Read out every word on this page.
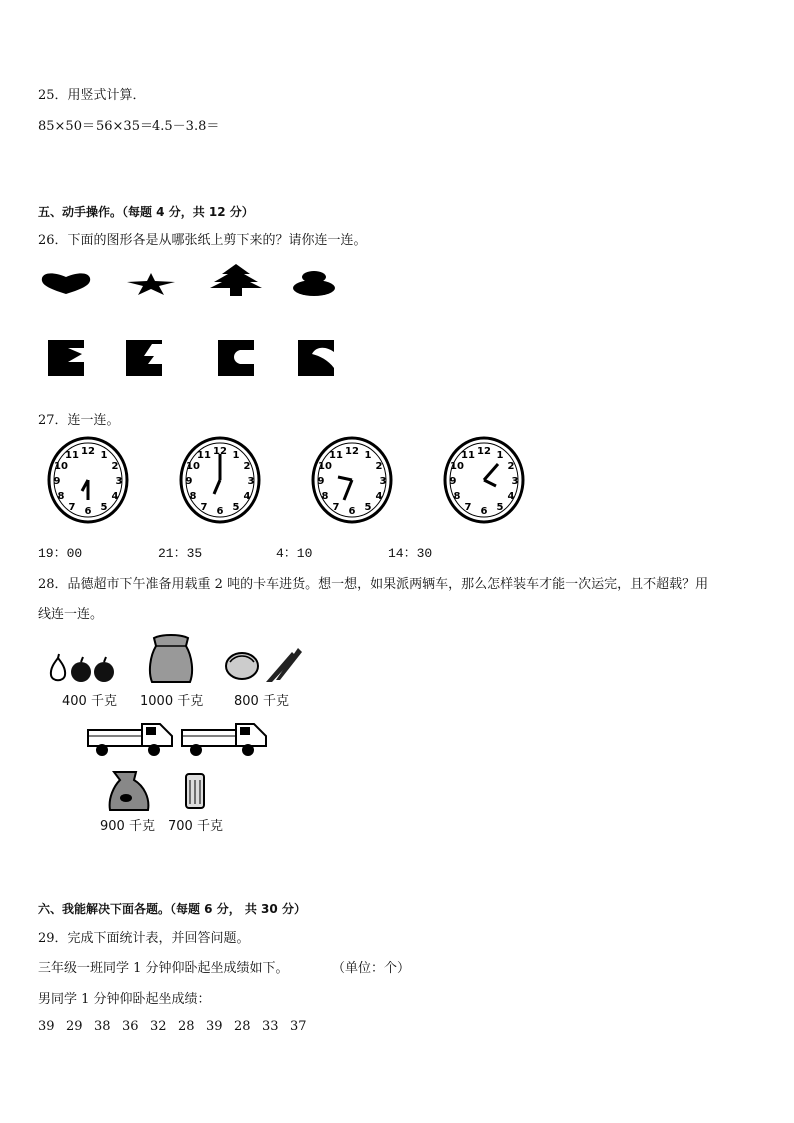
25．用竖式计算．
85×50＝ 56×35＝ 4.5－3.8＝
五、动手操作。（每题 4 分，共 12 分）
26．下面的图形各是从哪张纸上剪下来的？请你连一连。
27．连一连。
12 1
2
3
4
5
6
7
8
9
10
11	12 1
2
3
4
5
6
7
8
9
10
11	12 1
2
3
4
5
6
7
8
9
10
11	12 1
2
3
4
5
6
7
8
9
10
11
19：00	21：35	4：10	14：30
28．品德超市下午准备用载重 2 吨的卡车进货。想一想，如果派两辆车，那么怎样装车才能一次运完，且不超载？用
线连一连。
400 千克 1000 千克 800 千克
900 千克 700 千克
六、我能解决下面各题。（每题 6 分， 共 30 分）
29．完成下面统计表，并回答问题。
三年级一班同学 1 分钟仰卧起坐成绩如下。	（单位：个）
男同学 1 分钟仰卧起坐成绩：
39 29 38 36 32 28 39 28 33 37
